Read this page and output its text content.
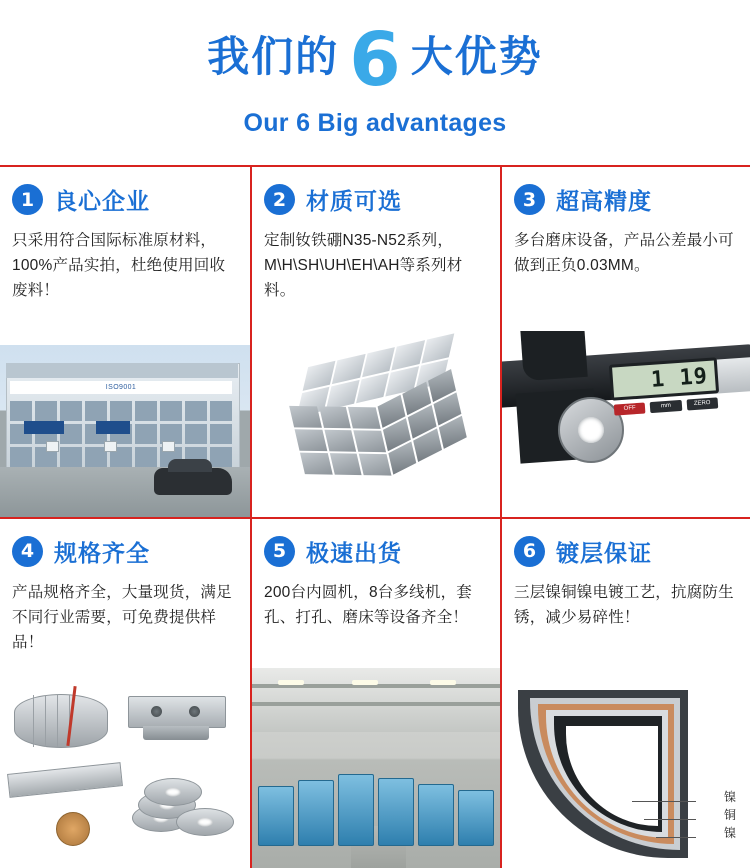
我们的 6 大优势
Our 6 Big advantages
1 良心企业
只采用符合国际标准原材料，100%产品实拍，杜绝使用回收废料！
ISO9001
2 材质可选
定制钕铁硼N35-N52系列，M\H\SH\UH\EH\AH等系列材料。
3 超高精度
多台磨床设备，产品公差最小可做到正负0.03MM。
1 19
OFF	mm	ZERO
4 规格齐全
产品规格齐全，大量现货，满足不同行业需要，可免费提供样品！
5 极速出货
200台内圆机，8台多线机，套孔、打孔、磨床等设备齐全！
6 镀层保证
三层镍铜镍电镀工艺，抗腐防生锈，减少易碎性！
镍
铜
镍
